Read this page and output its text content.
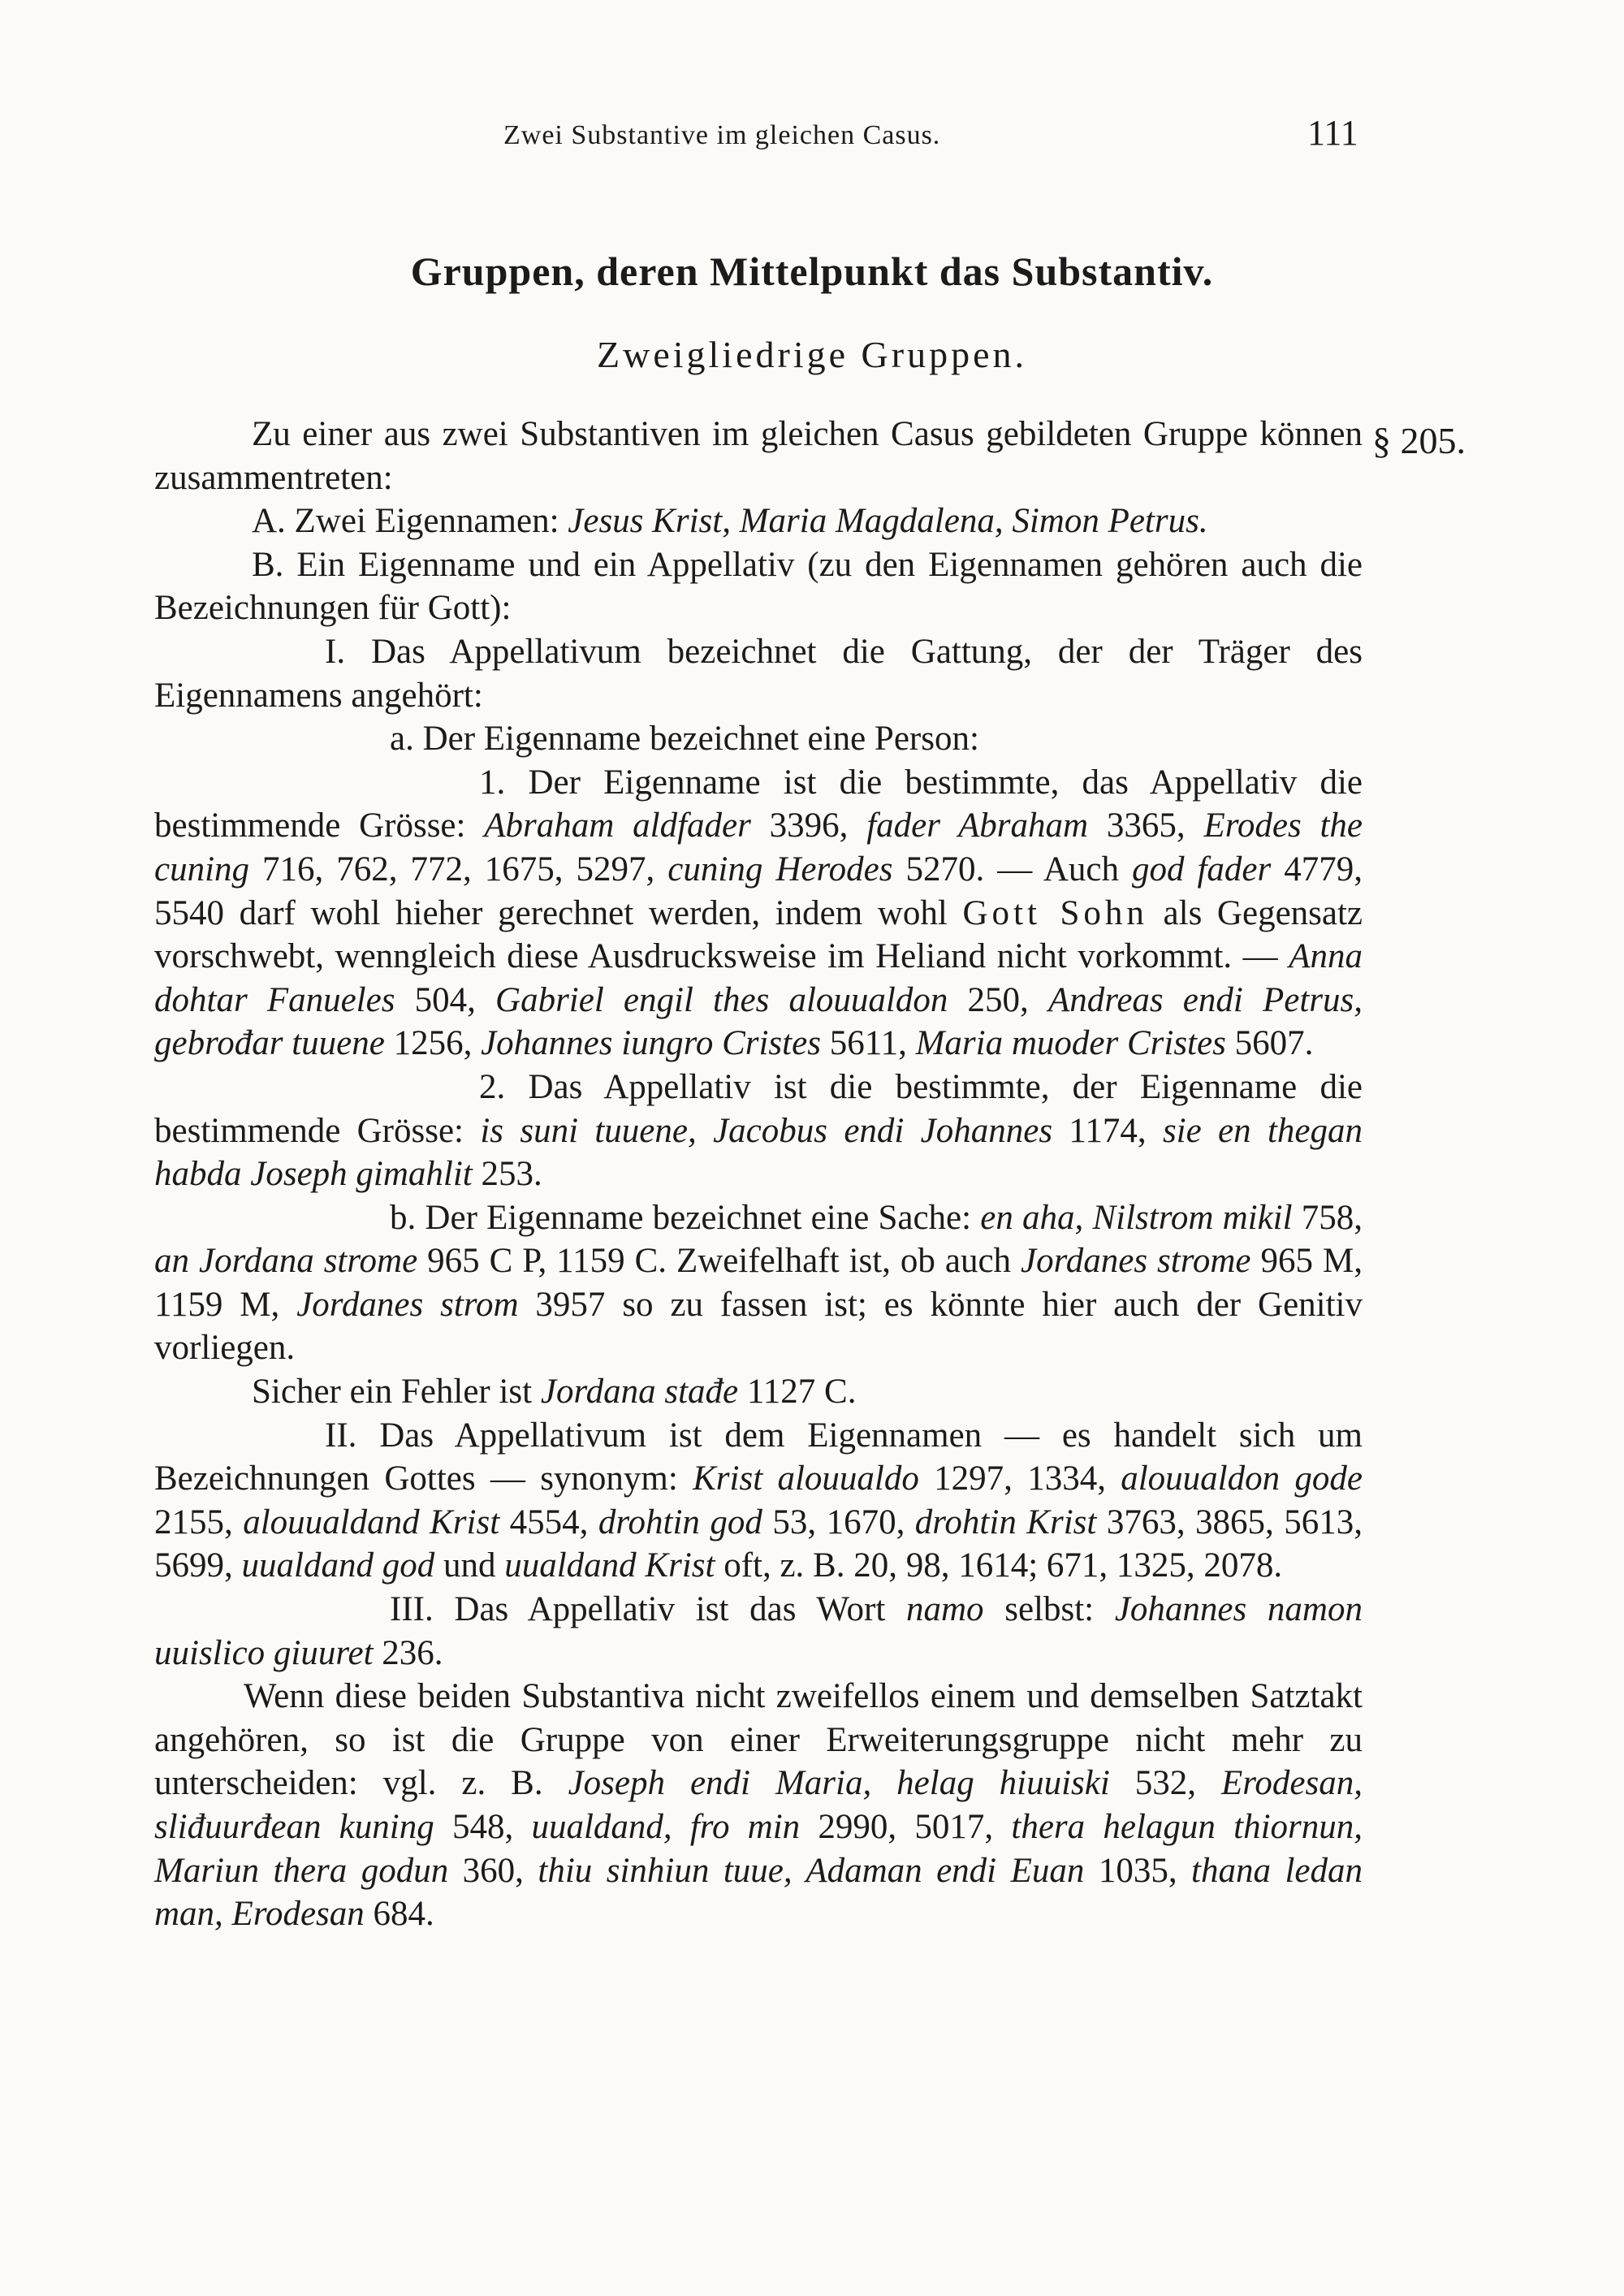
Zwei Substantive im gleichen Casus.	111
Gruppen, deren Mittelpunkt das Substantiv.
Zweigliedrige Gruppen.
§ 205.

Zu einer aus zwei Substantiven im gleichen Casus gebildeten Gruppe können zusammentreten:

A. Zwei Eigennamen: Jesus Krist, Maria Magdalena, Simon Petrus.

B. Ein Eigenname und ein Appellativ (zu den Eigennamen gehören auch die Bezeichnungen für Gott):

I. Das Appellativum bezeichnet die Gattung, der der Träger des Eigennamens angehört:

a. Der Eigenname bezeichnet eine Person:

1. Der Eigenname ist die bestimmte, das Appellativ die bestimmende Grösse: Abraham aldfader 3396, fader Abraham 3365, Erodes the cuning 716, 762, 772, 1675, 5297, cuning Herodes 5270. — Auch god fader 4779, 5540 darf wohl hieher gerechnet werden, indem wohl Gott Sohn als Gegensatz vorschwebt, wenngleich diese Ausdrucksweise im Heliand nicht vorkommt. — Anna dohtar Fanueles 504, Gabriel engil thes alouualdon 250, Andreas endi Petrus, gebrođar tuuene 1256, Johannes iungro Cristes 5611, Maria muoder Cristes 5607.

2. Das Appellativ ist die bestimmte, der Eigenname die bestimmende Grösse: is suni tuuene, Jacobus endi Johannes 1174, sie en thegan habda Joseph gimahlit 253.

b. Der Eigenname bezeichnet eine Sache: en aha, Nilstrom mikil 758, an Jordana strome 965 C P, 1159 C. Zweifelhaft ist, ob auch Jordanes strome 965 M, 1159 M, Jordanes strom 3957 so zu fassen ist; es könnte hier auch der Genitiv vorliegen.

Sicher ein Fehler ist Jordana stađe 1127 C.

II. Das Appellativum ist dem Eigennamen — es handelt sich um Bezeichnungen Gottes — synonym: Krist alouualdo 1297, 1334, alouualdon gode 2155, alouualdand Krist 4554, drohtin god 53, 1670, drohtin Krist 3763, 3865, 5613, 5699, uualdand god und uualdand Krist oft, z. B. 20, 98, 1614; 671, 1325, 2078.

III. Das Appellativ ist das Wort namo selbst: Johannes namon uuislico giuuret 236.

Wenn diese beiden Substantiva nicht zweifellos einem und demselben Satztakt angehören, so ist die Gruppe von einer Erweiterungsgruppe nicht mehr zu unterscheiden: vgl. z. B. Joseph endi Maria, helag hiuuiski 532, Erodesan, sliđuurđean kuning 548, uualdand, fro min 2990, 5017, thera helagun thiornun, Mariun thera godun 360, thiu sinhiun tuue, Adaman endi Euan 1035, thana ledan man, Erodesan 684.
